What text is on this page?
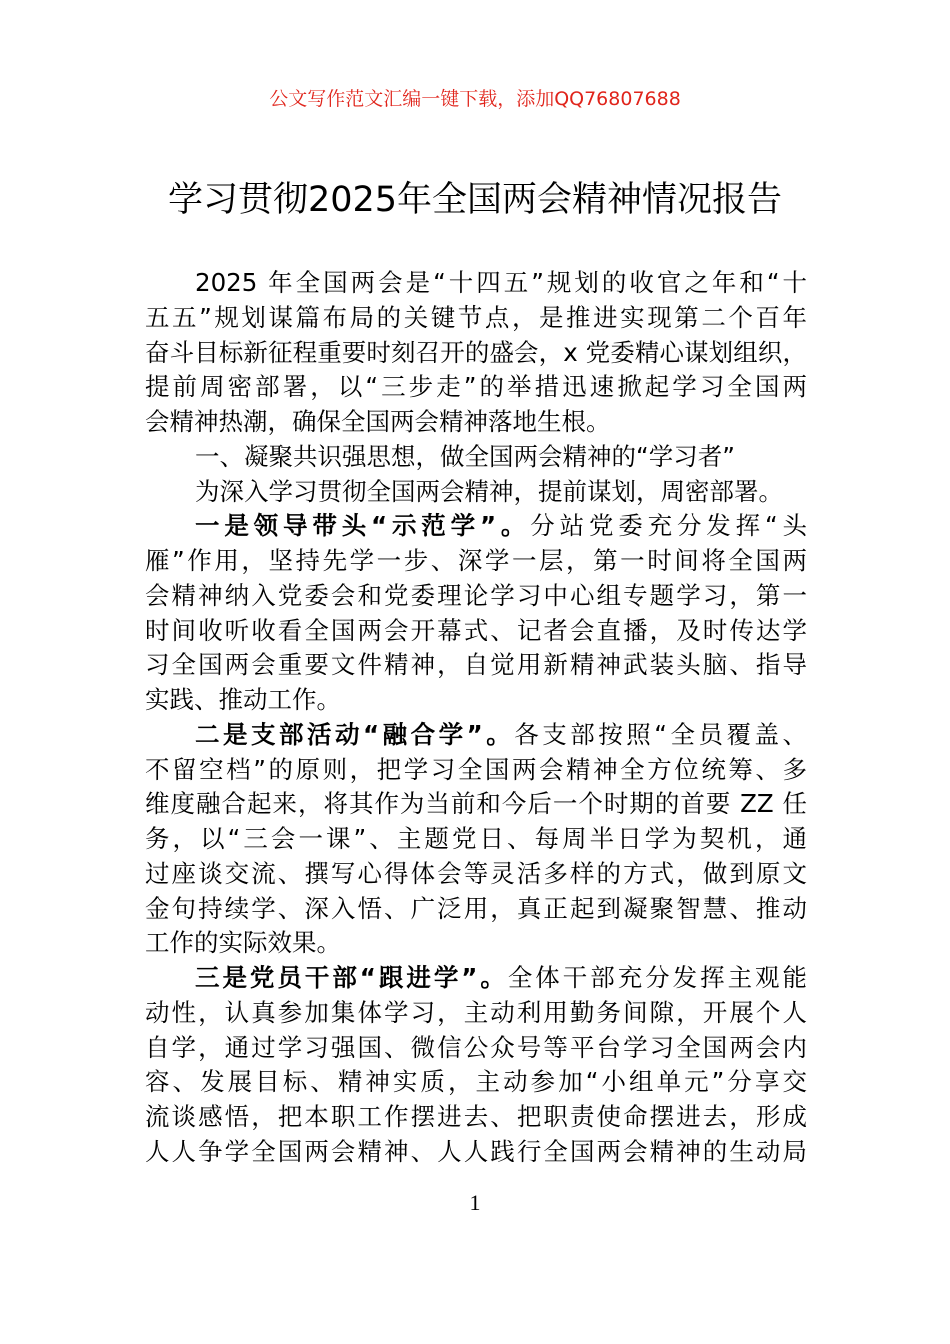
公文写作范文汇编一键下载，添加QQ76807688
学习贯彻2025年全国两会精神情况报告
2025 年全国两会是“十四五”规划的收官之年和“十
五五”规划谋篇布局的关键节点，是推进实现第二个百年
奋斗目标新征程重要时刻召开的盛会，x 党委精心谋划组织，
提前周密部署，以“三步走”的举措迅速掀起学习全国两
会精神热潮，确保全国两会精神落地生根。
一、凝聚共识强思想，做全国两会精神的“学习者”
为深入学习贯彻全国两会精神，提前谋划，周密部署。
一是领导带头“示范学”。分站党委充分发挥“头
雁”作用，坚持先学一步、深学一层，第一时间将全国两
会精神纳入党委会和党委理论学习中心组专题学习，第一
时间收听收看全国两会开幕式、记者会直播，及时传达学
习全国两会重要文件精神，自觉用新精神武装头脑、指导
实践、推动工作。
二是支部活动“融合学”。各支部按照“全员覆盖、
不留空档”的原则，把学习全国两会精神全方位统筹、多
维度融合起来，将其作为当前和今后一个时期的首要 ZZ 任
务，以“三会一课”、主题党日、每周半日学为契机，通
过座谈交流、撰写心得体会等灵活多样的方式，做到原文
金句持续学、深入悟、广泛用，真正起到凝聚智慧、推动
工作的实际效果。
三是党员干部“跟进学”。全体干部充分发挥主观能
动性，认真参加集体学习，主动利用勤务间隙，开展个人
自学，通过学习强国、微信公众号等平台学习全国两会内
容、发展目标、精神实质，主动参加“小组单元”分享交
流谈感悟，把本职工作摆进去、把职责使命摆进去，形成
人人争学全国两会精神、人人践行全国两会精神的生动局
1
